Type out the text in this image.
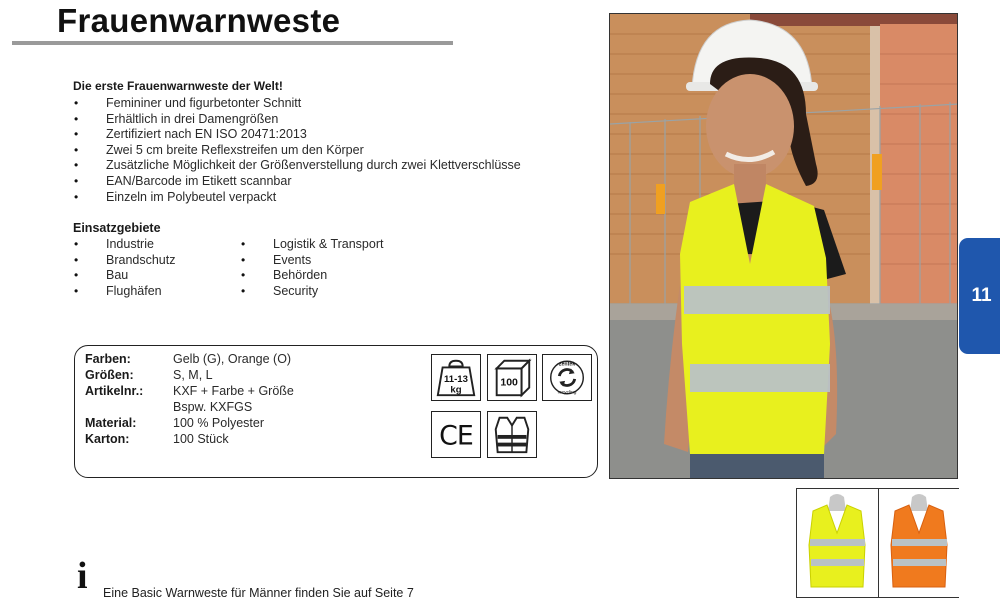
Frauenwarnweste

Die erste Frauenwarnweste der Welt!

• Femininer und figurbetonter Schnitt
• Erhältlich in drei Damengrößen
• Zertifiziert nach EN ISO 20471:2013
• Zwei 5 cm breite Reflexstreifen um den Körper
• Zusätzliche Möglichkeit der Größenverstellung durch zwei Klettverschlüsse
• EAN/Barcode im Etikett scannbar
• Einzeln im Polybeutel verpackt

Einsatzgebiete

• Industrie
• Brandschutz
• Bau
• Flughäfen
• Logistik & Transport
• Events
• Behörden
• Security
Farben:	Gelb (G), Orange (O)
Größen:	S, M, L
Artikelnr.: KXF + Farbe + Größe
Bspw. KXFGS
Material:	100 % Polyester
Karton:	100 Stück
11-13
kg
100
zentek
recycling
CE
11
i Eine Basic Warnweste für Männer finden Sie auf Seite 7
